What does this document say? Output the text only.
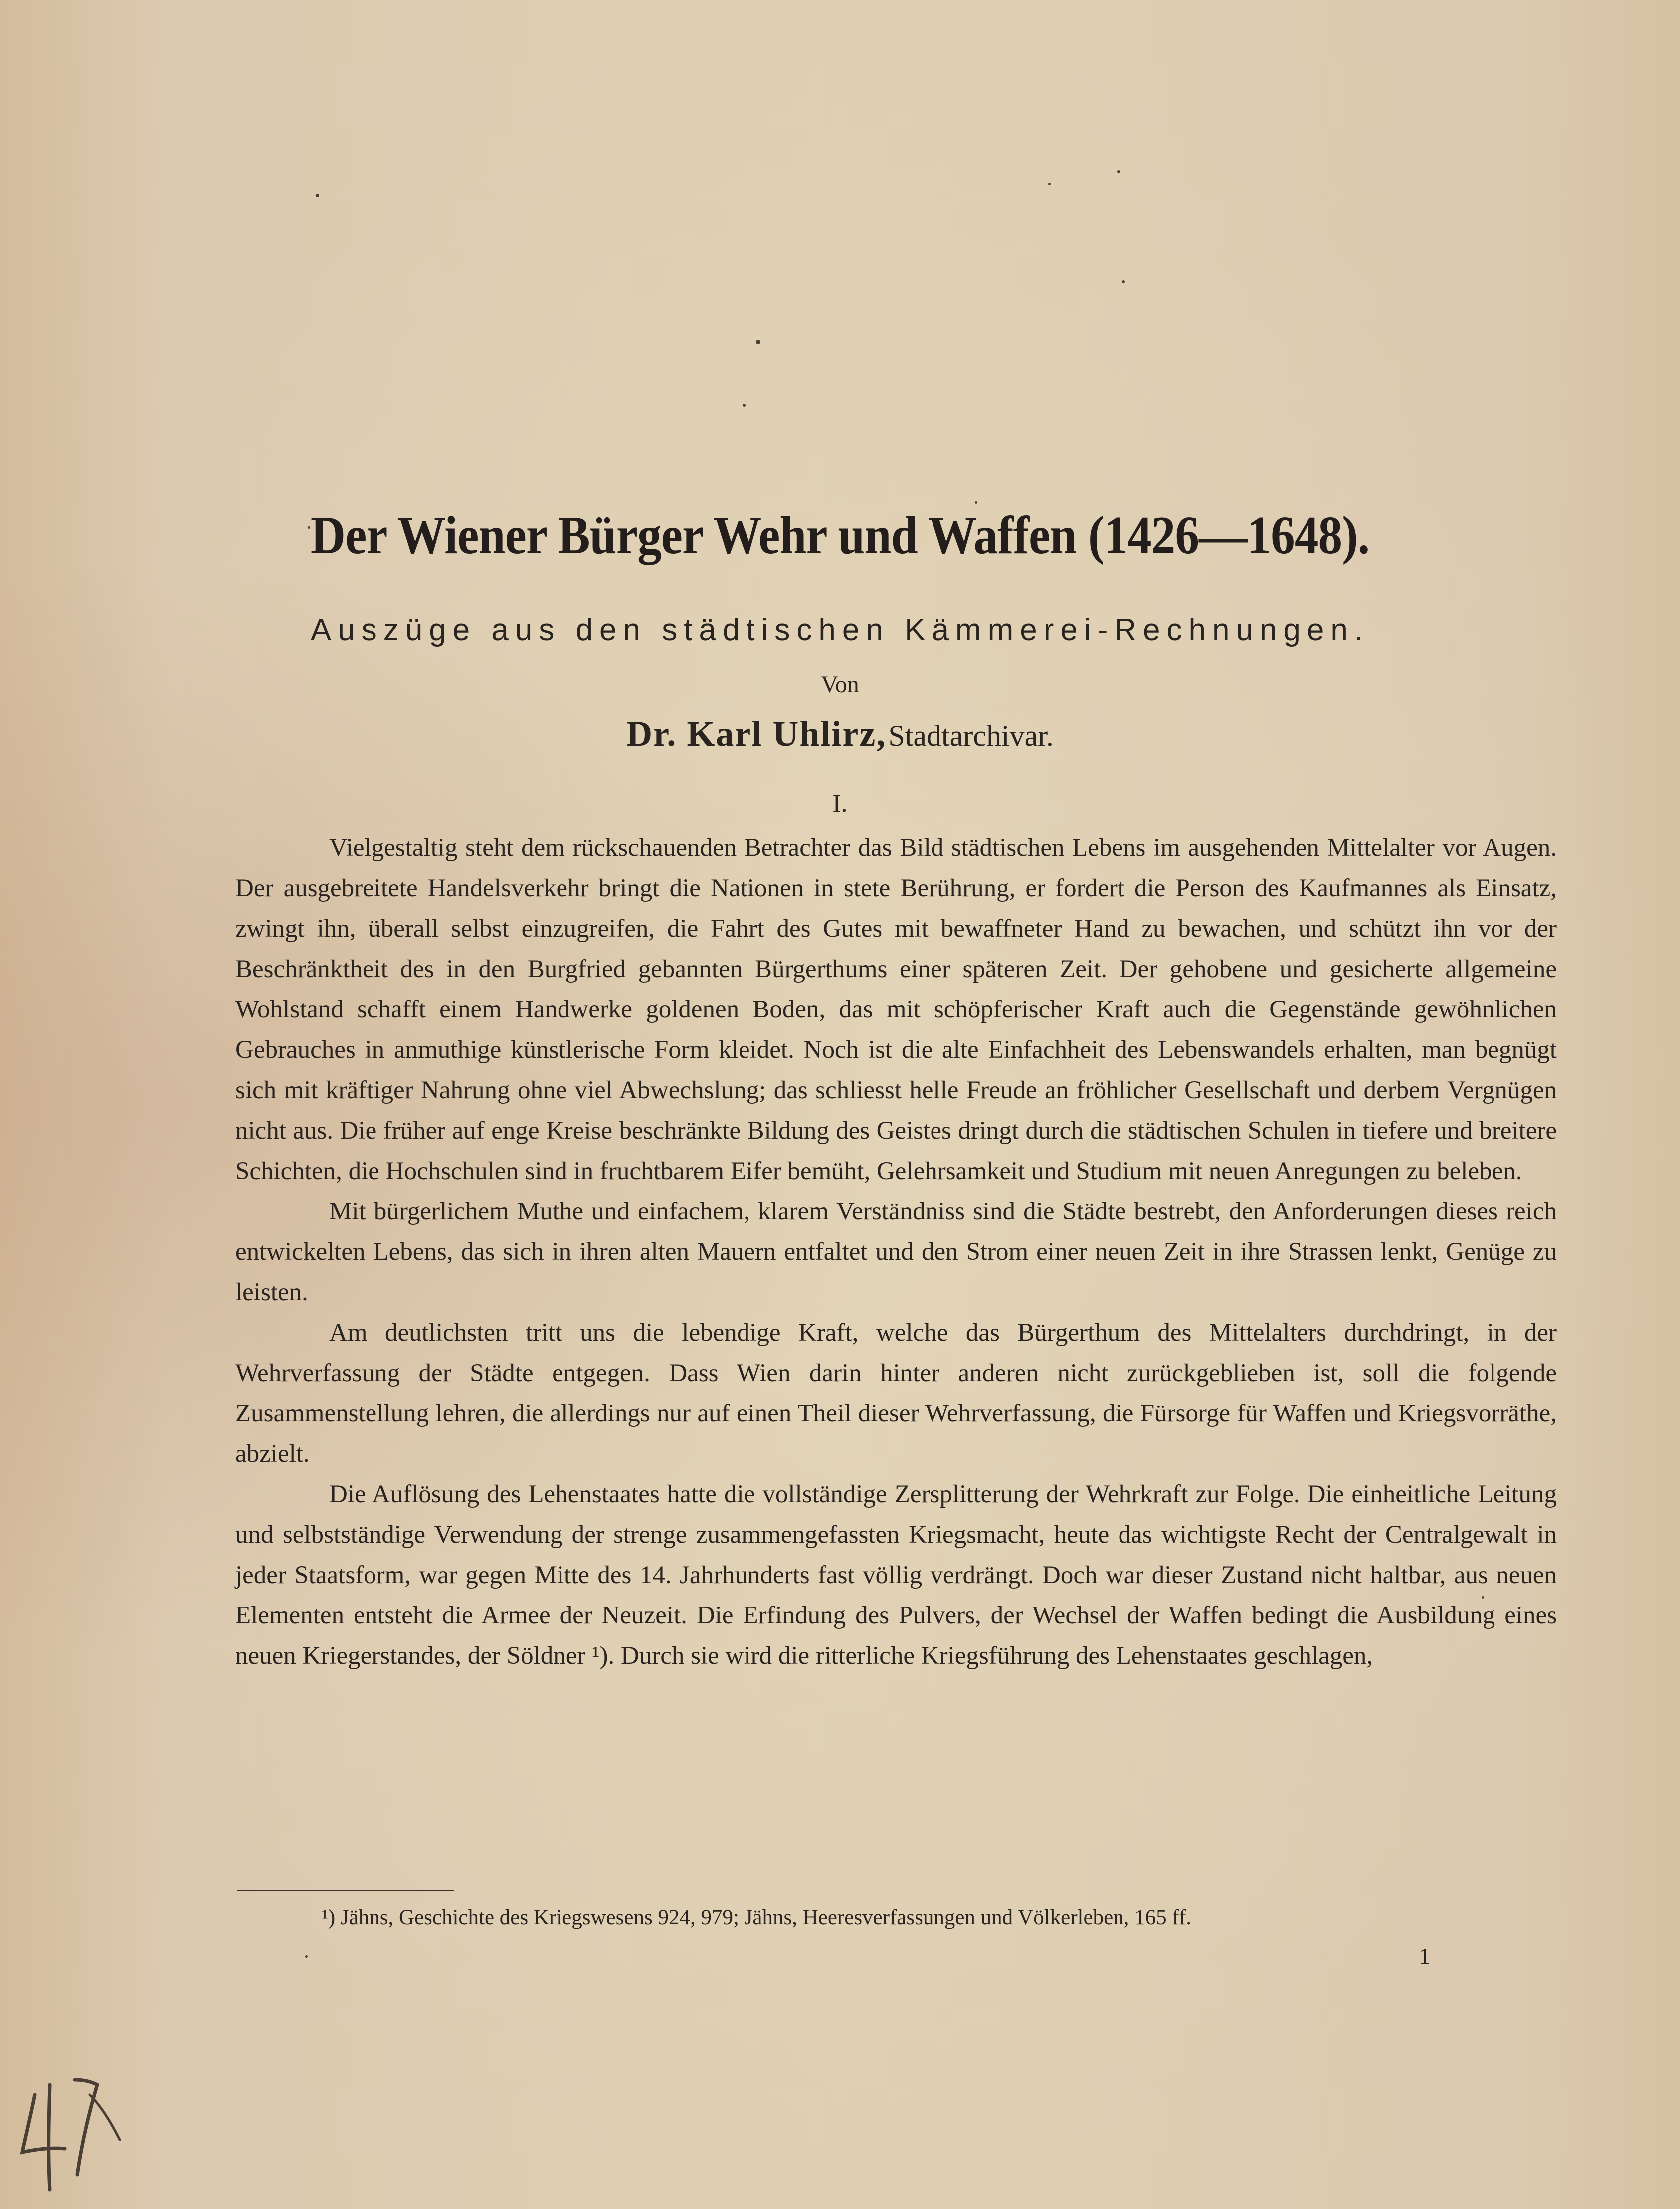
Der Wiener Bürger Wehr und Waffen (1426—1648).
Auszüge aus den städtischen Kämmerei-Rechnungen.
Von
Dr. Karl Uhlirz, Stadtarchivar.
I.

Vielgestaltig steht dem rückschauenden Betrachter das Bild städtischen Lebens im ausgehenden Mittelalter vor Augen. Der ausgebreitete Handelsverkehr bringt die Nationen in stete Berührung, er fordert die Person des Kaufmannes als Einsatz, zwingt ihn, überall selbst einzugreifen, die Fahrt des Gutes mit bewaffneter Hand zu bewachen, und schützt ihn vor der Beschränktheit des in den Burgfried gebannten Bürgerthums einer späteren Zeit. Der gehobene und gesicherte allgemeine Wohlstand schafft einem Handwerke goldenen Boden, das mit schöpferischer Kraft auch die Gegenstände gewöhnlichen Gebrauches in anmuthige künstlerische Form kleidet. Noch ist die alte Einfachheit des Lebenswandels erhalten, man begnügt sich mit kräftiger Nahrung ohne viel Abwechslung; das schliesst helle Freude an fröhlicher Gesellschaft und derbem Vergnügen nicht aus. Die früher auf enge Kreise beschränkte Bildung des Geistes dringt durch die städtischen Schulen in tiefere und breitere Schichten, die Hochschulen sind in fruchtbarem Eifer bemüht, Gelehrsamkeit und Studium mit neuen Anregungen zu beleben.

Mit bürgerlichem Muthe und einfachem, klarem Verständniss sind die Städte bestrebt, den Anforderungen dieses reich entwickelten Lebens, das sich in ihren alten Mauern entfaltet und den Strom einer neuen Zeit in ihre Strassen lenkt, Genüge zu leisten.

Am deutlichsten tritt uns die lebendige Kraft, welche das Bürgerthum des Mittelalters durchdringt, in der Wehrverfassung der Städte entgegen. Dass Wien darin hinter anderen nicht zurückgeblieben ist, soll die folgende Zusammenstellung lehren, die allerdings nur auf einen Theil dieser Wehrverfassung, die Fürsorge für Waffen und Kriegsvorräthe, abzielt.

Die Auflösung des Lehenstaates hatte die vollständige Zersplitterung der Wehrkraft zur Folge. Die einheitliche Leitung und selbstständige Verwendung der strenge zusammengefassten Kriegsmacht, heute das wichtigste Recht der Centralgewalt in jeder Staatsform, war gegen Mitte des 14. Jahrhunderts fast völlig verdrängt. Doch war dieser Zustand nicht haltbar, aus neuen Elementen entsteht die Armee der Neuzeit. Die Erfindung des Pulvers, der Wechsel der Waffen bedingt die Ausbildung eines neuen Kriegerstandes, der Söldner ¹). Durch sie wird die ritterliche Kriegsführung des Lehenstaates geschlagen,

¹) Jähns, Geschichte des Kriegswesens 924, 979; Jähns, Heeresverfassungen und Völkerleben, 165 ff.
1
